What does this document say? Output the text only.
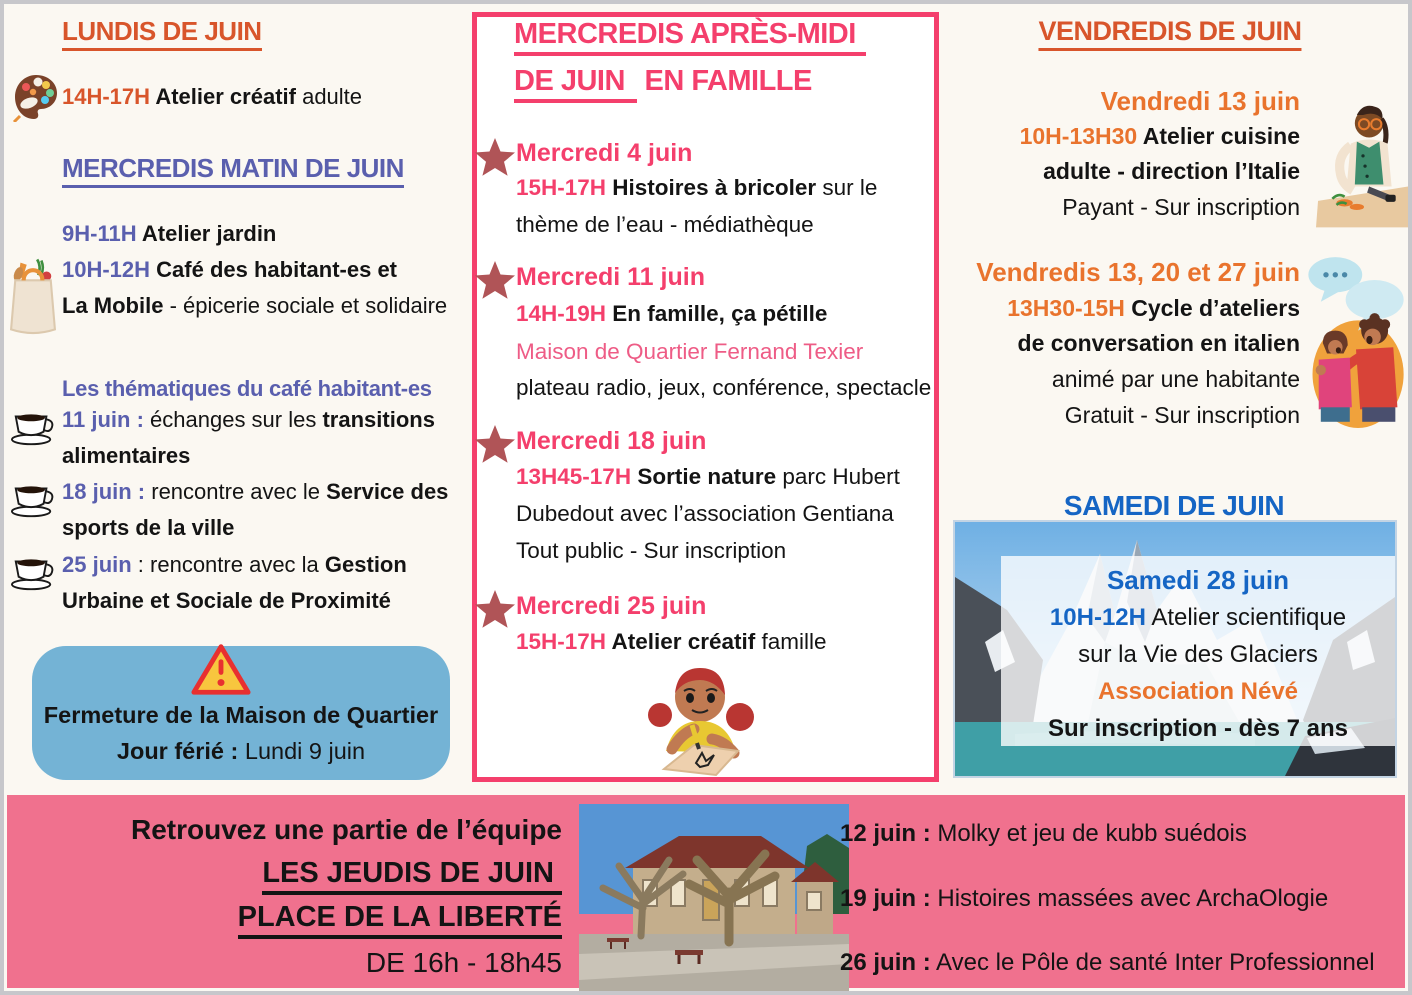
LUNDIS DE JUIN
14H-17H Atelier créatif adulte
MERCREDIS MATIN DE JUIN
9H-11H Atelier jardin
10H-12H Café des habitant-es et
La Mobile - épicerie sociale et solidaire
Les thématiques du café habitant-es
11 juin : échanges sur les transitions
alimentaires
18 juin : rencontre avec le Service des
sports de la ville
25 juin : rencontre avec la Gestion
Urbaine et Sociale de Proximité
Fermeture de la Maison de Quartier
Jour férié : Lundi 9 juin
MERCREDIS APRÈS-MIDI
DE JUIN EN FAMILLE
Mercredi 4 juin
15H-17H Histoires à bricoler sur le
thème de l’eau - médiathèque
Mercredi 11 juin
14H-19H En famille, ça pétille
Maison de Quartier Fernand Texier
plateau radio, jeux, conférence, spectacle
Mercredi 18 juin
13H45-17H Sortie nature parc Hubert
Dubedout avec l’association Gentiana
Tout public - Sur inscription
Mercredi 25 juin
15H-17H Atelier créatif famille
VENDREDIS DE JUIN
Vendredi 13 juin
10H-13H30 Atelier cuisine
adulte - direction l’Italie
Payant - Sur inscription
Vendredis 13, 20 et 27 juin
13H30-15H Cycle d’ateliers
de conversation en italien
animé par une habitante
Gratuit - Sur inscription
SAMEDI DE JUIN
Samedi 28 juin
10H-12H Atelier scientifique
sur la Vie des Glaciers
Association Névé
Sur inscription - dès 7 ans
Retrouvez une partie de l’équipe
LES JEUDIS DE JUIN
PLACE DE LA LIBERTÉ
DE 16h - 18h45
12 juin : Molky et jeu de kubb suédois
19 juin : Histoires massées avec ArchaOlogie
26 juin : Avec le Pôle de santé Inter Professionnel
